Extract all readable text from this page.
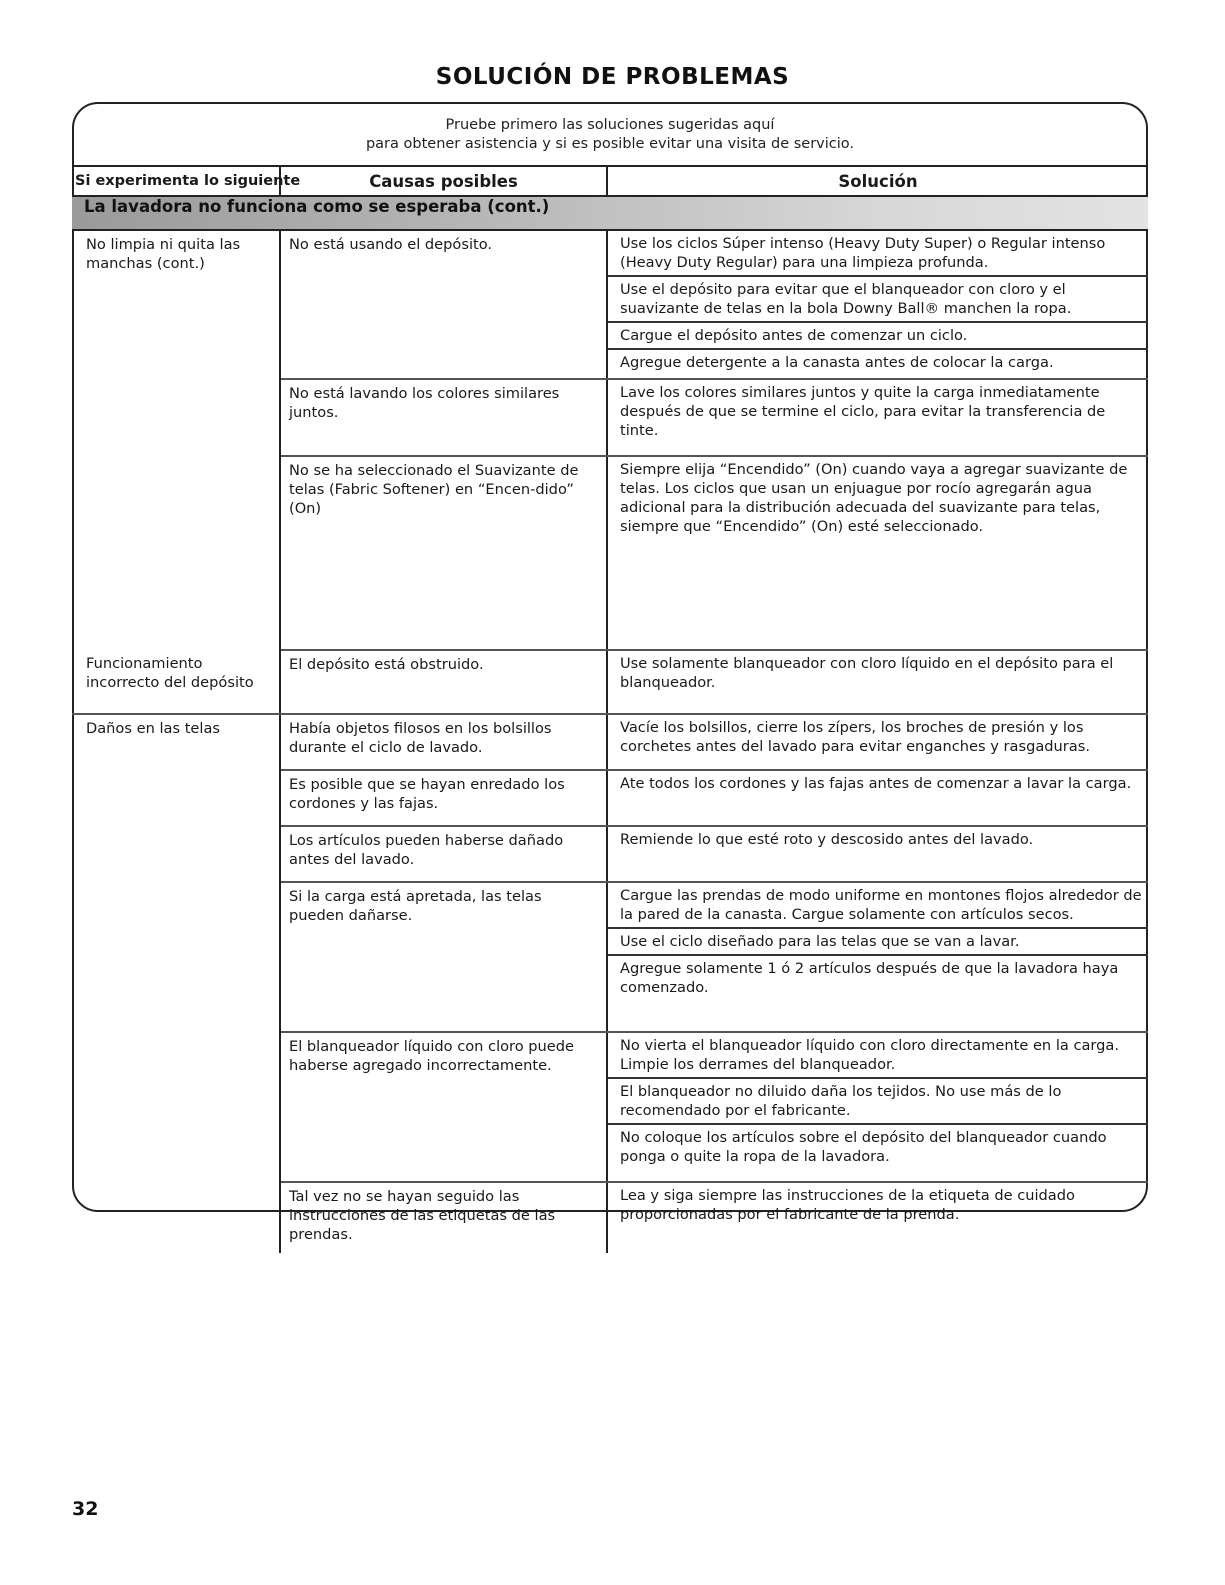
SOLUCIÓN DE PROBLEMAS
Pruebe primero las soluciones sugeridas aquí
para obtener asistencia y si es posible evitar una visita de servicio.
Si experimenta lo siguiente	Causas posibles	Solución
La lavadora no funciona como se esperaba (cont.)		

No limpia ni quita las manchas (cont.)	No está usando el depósito.	Use los ciclos Súper intenso (Heavy Duty Super) o Regular intenso (Heavy Duty Regular) para una limpieza profunda.
Use el depósito para evitar que el blanqueador con cloro y el suavizante de telas en la bola Downy Ball® manchen la ropa.
Cargue el depósito antes de comenzar un ciclo.
Agregue detergente a la canasta antes de colocar la carga.

	No está lavando los colores similares juntos.	Lave los colores similares juntos y quite la carga inmediatamente después de que se termine el ciclo, para evitar la transferencia de tinte.

	No se ha seleccionado el Suavizante de telas (Fabric Softener) en “Encen-dido” (On)	Siempre elija “Encendido” (On) cuando vaya a agregar suavizante de telas. Los ciclos que usan un enjuague por rocío agregarán agua adicional para la distribución adecuada del suavizante para telas, siempre que “Encendido” (On) esté seleccionado.

Funcionamiento incorrecto del depósito	El depósito está obstruido.	Use solamente blanqueador con cloro líquido en el depósito para el blanqueador.

Daños en las telas	Había objetos filosos en los bolsillos durante el ciclo de lavado.	Vacíe los bolsillos, cierre los zípers, los broches de presión y los corchetes antes del lavado para evitar enganches y rasgaduras.

	Es posible que se hayan enredado los cordones y las fajas.	Ate todos los cordones y las fajas antes de comenzar a lavar la carga.

	Los artículos pueden haberse dañado antes del lavado.	Remiende lo que esté roto y descosido antes del lavado.

	Si la carga está apretada, las telas pueden dañarse.	Cargue las prendas de modo uniforme en montones flojos alrededor de la pared de la canasta. Cargue solamente con artículos secos.
Use el ciclo diseñado para las telas que se van a lavar.
Agregue solamente 1 ó 2 artículos después de que la lavadora haya comenzado.

	El blanqueador líquido con cloro puede haberse agregado incorrectamente.	No vierta el blanqueador líquido con cloro directamente en la carga. Limpie los derrames del blanqueador.
El blanqueador no diluido daña los tejidos. No use más de lo recomendado por el fabricante.
No coloque los artículos sobre el depósito del blanqueador cuando ponga o quite la ropa de la lavadora.

	Tal vez no se hayan seguido las instrucciones de las etiquetas de las prendas.	Lea y siga siempre las instrucciones de la etiqueta de cuidado proporcionadas por el fabricante de la prenda.
32
